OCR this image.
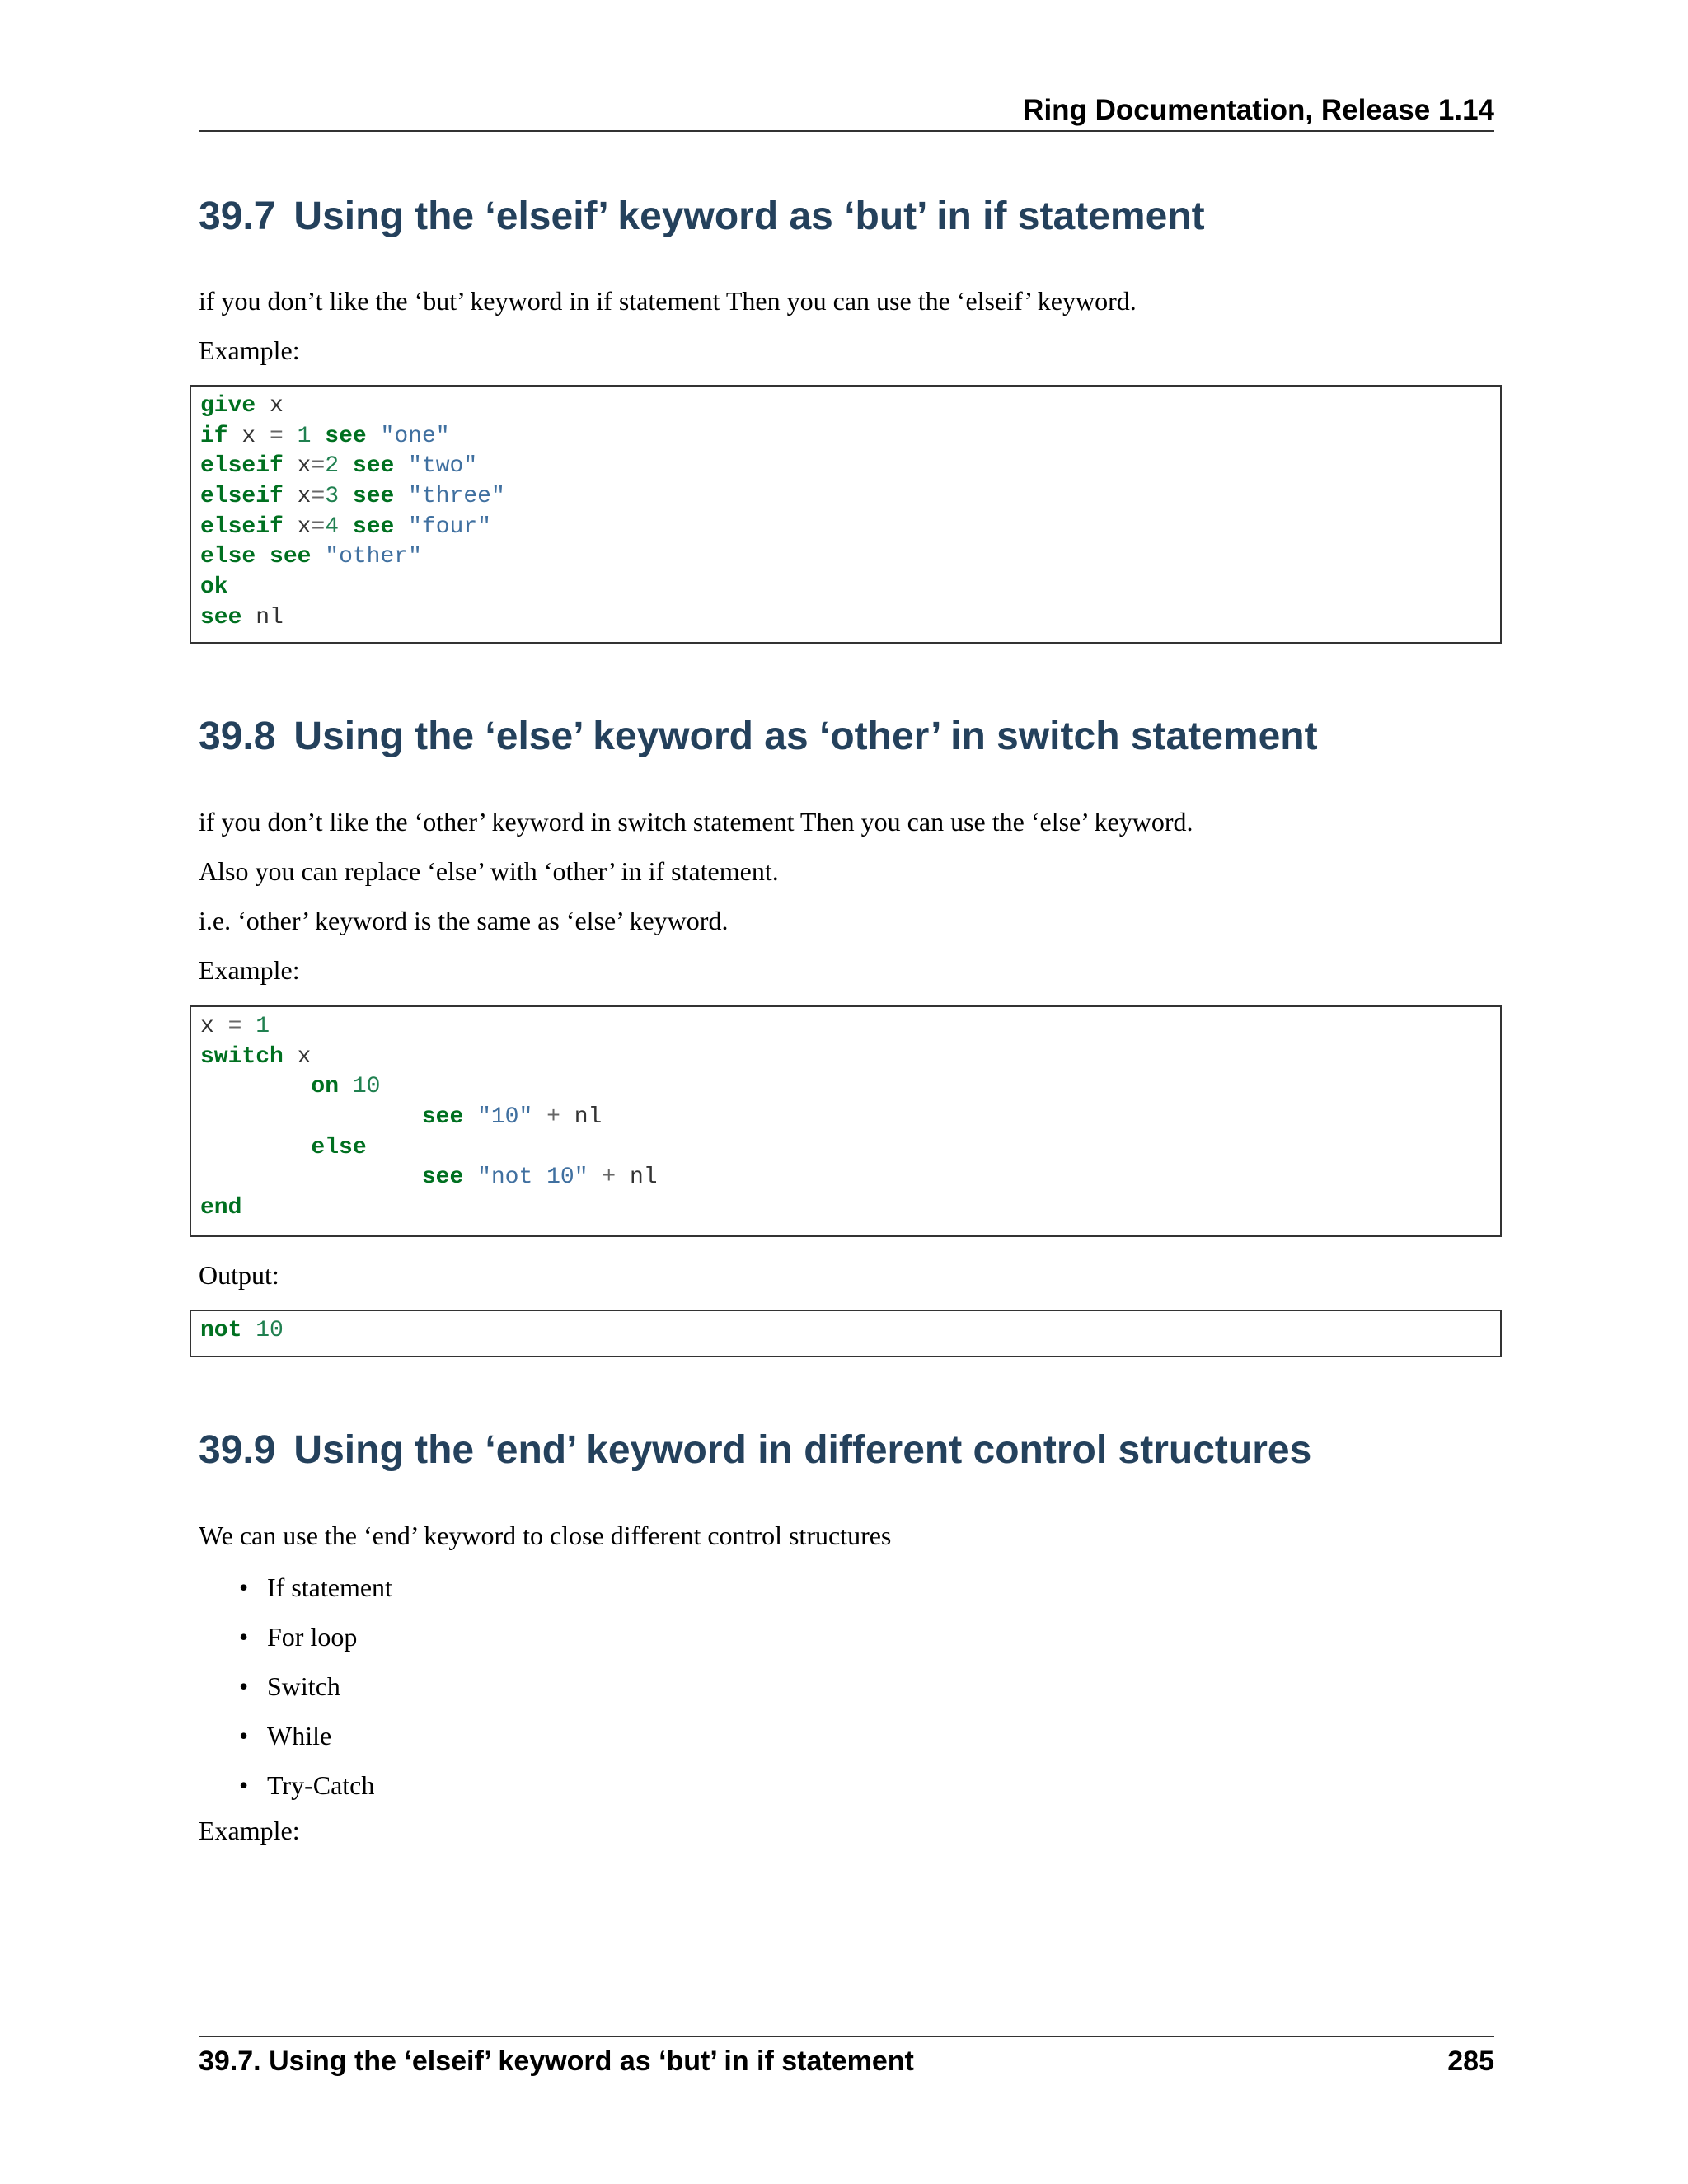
Ring Documentation, Release 1.14
39.7 Using the ‘elseif’ keyword as ‘but’ in if statement

if you don’t like the ‘but’ keyword in if statement Then you can use the ‘elseif’ keyword.

Example:

give x
if x = 1 see "one"
elseif x=2 see "two"
elseif x=3 see "three"
elseif x=4 see "four"
else see "other"
ok
see nl
39.8 Using the ‘else’ keyword as ‘other’ in switch statement

if you don’t like the ‘other’ keyword in switch statement Then you can use the ‘else’ keyword.

Also you can replace ‘else’ with ‘other’ in if statement.

i.e. ‘other’ keyword is the same as ‘else’ keyword.

Example:

x = 1
switch x
on 10
see "10" + nl
else
see "not 10" + nl
end

Output:

not 10
39.9 Using the ‘end’ keyword in different control structures

We can use the ‘end’ keyword to close different control structures

• If statement
• For loop
• Switch
• While
• Try-Catch

Example:

39.7. Using the ‘elseif’ keyword as ‘but’ in if statement	285
